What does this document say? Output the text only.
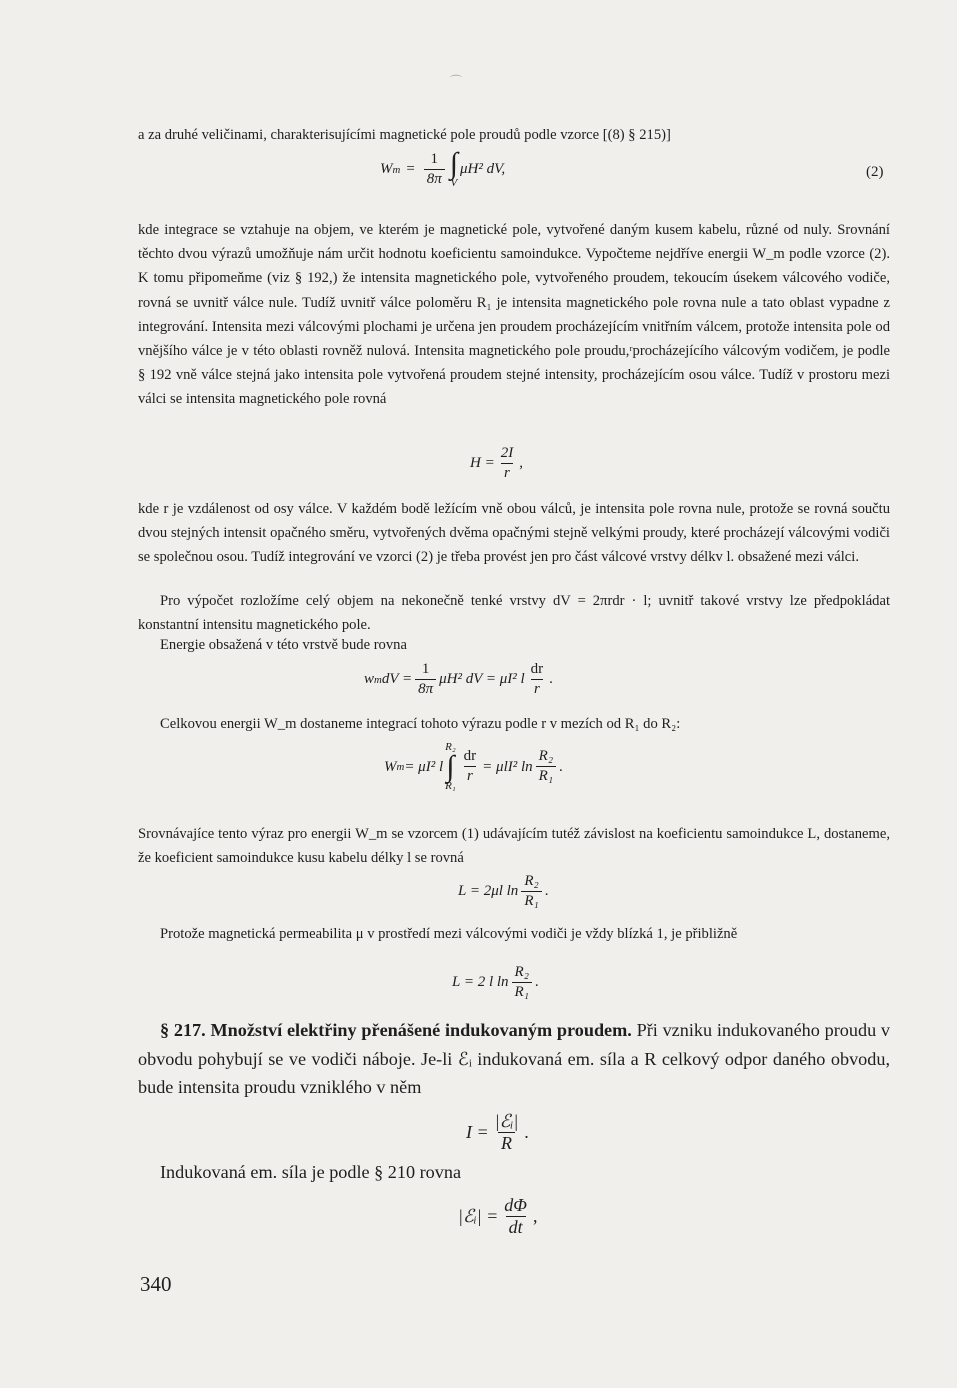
⌒
a za druhé veličinami, charakterisujícími magnetické pole proudů podle vzorce [(8) § 215)]
W $m = \frac{1}{8\pi}$ ∫
V
μH² dV,	(2)
kde integrace se vztahuje na objem, ve kterém je magnetické pole, vytvořené daným kusem kabelu, různé od nuly. Srovnání těchto dvou výrazů umožňuje nám určit hodnotu koeficientu samoindukce. Vypočteme nejdříve energii W_m podle vzorce (2). K tomu připomeňme (viz § 192,) že intensita magnetického pole, vytvořeného proudem, tekoucím úsekem válcového vodiče, rovná se uvnitř válce nule. Tudíž uvnitř válce poloměru R₁ je intensita magnetického pole rovna nule a tato oblast vypadne z integrování. Intensita mezi válcovými plochami je určena jen proudem procházejícím vnitřním válcem, protože intensita pole od vnějšího válce je v této oblasti rovněž nulová. Intensita magnetického pole proudu,ʳprocházejícího válcovým vodičem, je podle § 192 vně válce stejná jako intensita pole vytvořená proudem stejné intensity, procházejícím osou válce. Tudíž v prostoru mezi válci se intensita magnetického pole rovná
$H = \frac{2I}{r}$ ,
kde r je vzdálenost od osy válce. V každém bodě ležícím vně obou válců, je intensita pole rovna nule, protože se rovná součtu dvou stejných intensit opačného směru, vytvořených dvěma opačnými stejně velkými proudy, které procházejí válcovými vodiči se společnou osou. Tudíž integrování ve vzorci (2) je třeba provést jen pro část válcové vrstvy délkv l. obsažené mezi válci.
Pro výpočet rozložíme celý objem na nekonečně tenké vrstvy dV = 2πrdr · l; uvnitř takové vrstvy lze předpokládat konstantní intensitu magnetického pole.
Energie obsažená v této vrstvě bude rovna
w m dV = $\frac{1}{8\pi} \mu H^2$ dV = μI² l $\frac{dr}{r}$ .
Celkovou energii W_m dostaneme integrací tohoto výrazu podle r v mezích od R₁ do R₂:
W m = μI² l
R₂
∫
R₁
$\frac{dr}{r} = \mu lI^2$ $\ln \frac{\text{R₂}}{\text{R₁}}$ .
Srovnávajíce tento výraz pro energii W_m se vzorcem (1) udávajícím tutéž závislost na koeficientu samoindukce L, dostaneme, že koeficient samoindukce kusu kabelu délky l se rovná
L = 2μl $\ln \frac{\text{R₂}}{\text{R₁}}$ .
Protože magnetická permeabilita μ v prostředí mezi válcovými vodiči je vždy blízká 1, je přibližně
L = 2 l $\ln \frac{\text{R₂}}{\text{R₁}}$ .
§ 217. Množství elektřiny přenášené indukovaným proudem. Při vzniku indukovaného proudu v obvodu pohybují se ve vodiči náboje. Je-li ℰᵢ indukovaná em. síla a R celkový odpor daného obvodu, bude intensita proudu vzniklého v něm
$I = \frac{\text{|ℰᵢ|}}{R}$ .
Indukovaná em. síla je podle § 210 rovna
|ℰᵢ| = $\frac{d\Phi}{dt}$ ,
340
